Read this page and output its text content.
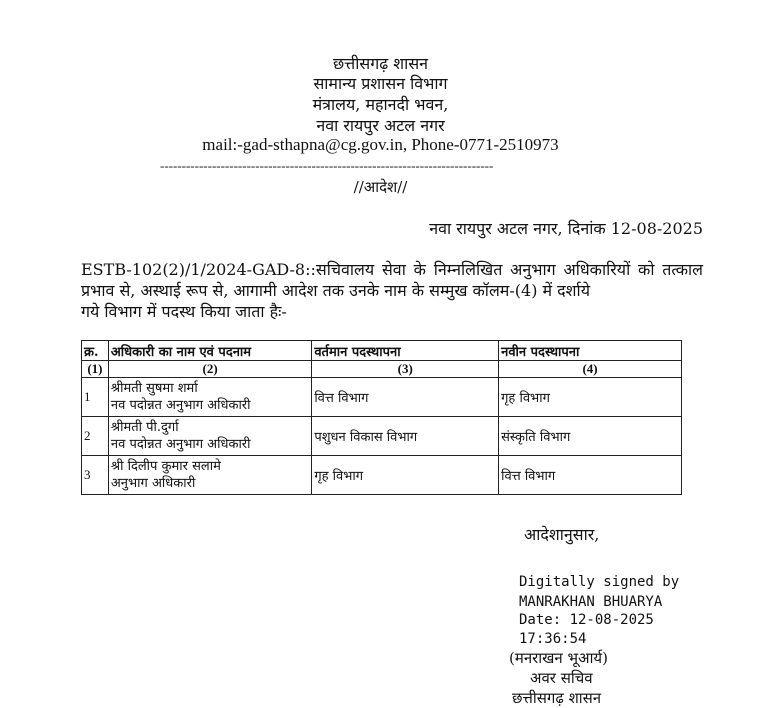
छत्तीसगढ़ शासन
सामान्य प्रशासन विभाग
मंत्रालय, महानदी भवन,
नवा रायपुर अटल नगर
mail:-gad-sthapna@cg.gov.in, Phone-0771-2510973
-----------------------------------------------------------------------------
//आदेश//
नवा रायपुर अटल नगर, दिनांक 12-08-2025
ESTB-102(2)/1/2024-GAD-8::सचिवालय सेवा के निम्नलिखित अनुभाग अधिकारियों को तत्काल प्रभाव से, अस्थाई रूप से, आगामी आदेश तक उनके नाम के सम्मुख कॉलम-(4) में दर्शाये
गये विभाग में पदस्थ किया जाता हैः-
क्र.	अधिकारी का नाम एवं पदनाम	वर्तमान पदस्थापना	नवीन पदस्थापना
(1)	(2)	(3)	(4)
1	श्रीमती सुषमा शर्मा
नव पदोन्नत अनुभाग अधिकारी	वित्त विभाग	गृह विभाग
2	श्रीमती पी.दुर्गा
नव पदोन्नत अनुभाग अधिकारी	पशुधन विकास विभाग	संस्कृति विभाग
3	श्री दिलीप कुमार सलामे
अनुभाग अधिकारी	गृह विभाग	वित्त विभाग
आदेशानुसार,
Digitally signed by
MANRAKHAN BHUARYA
Date: 12-08-2025
17:36:54
(मनराखन भूआर्य)
अवर सचिव
छत्तीसगढ़ शासन
